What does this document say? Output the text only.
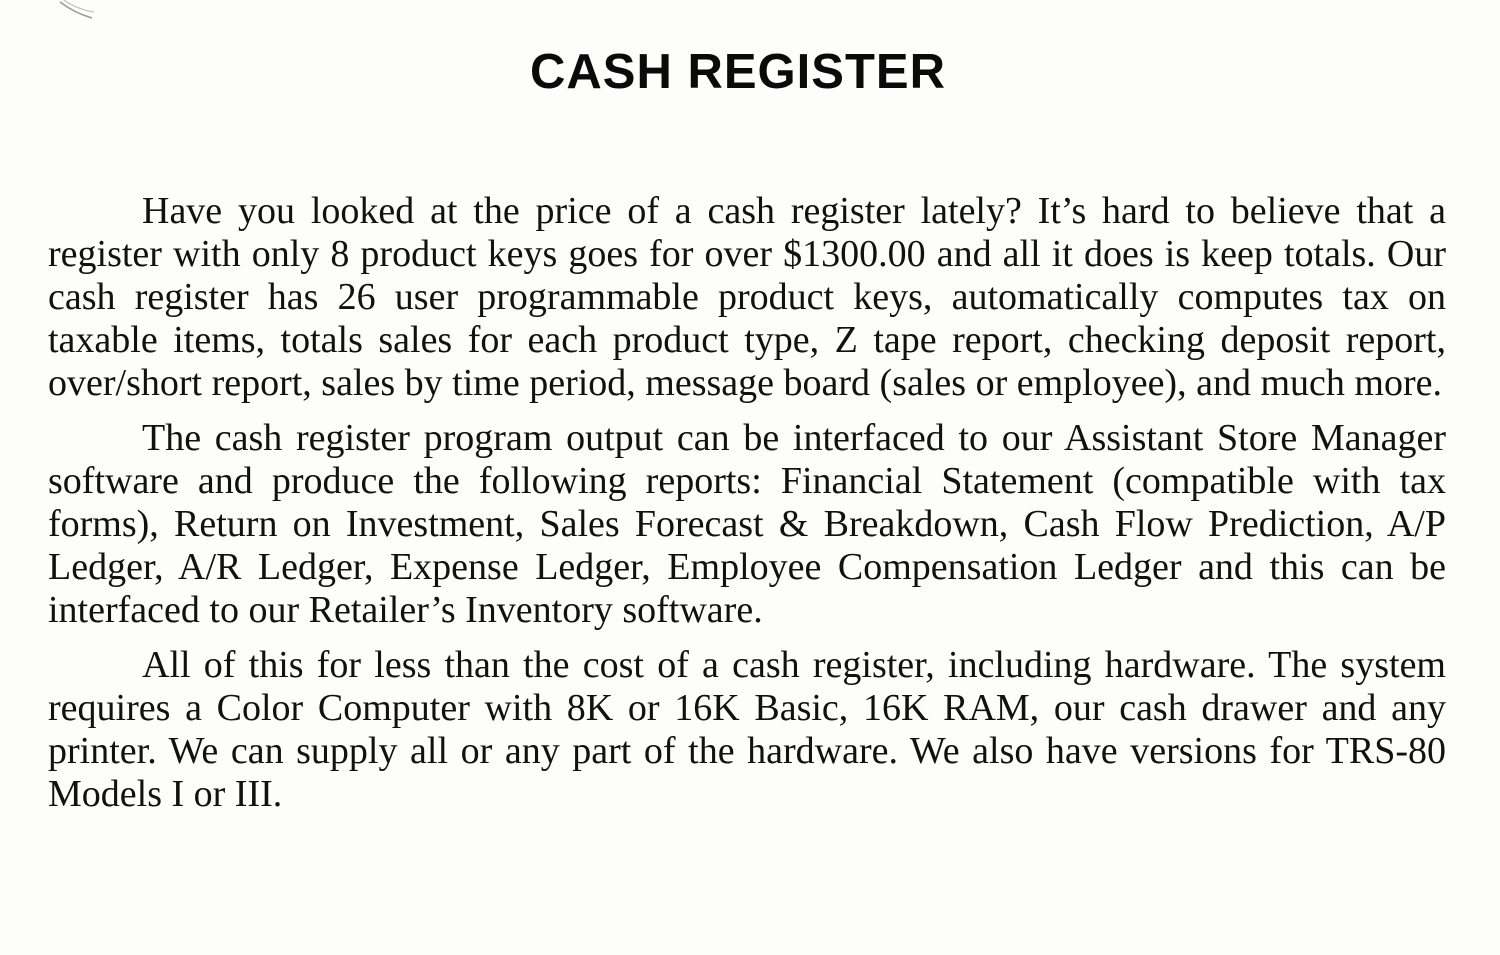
CASH REGISTER

Have you looked at the price of a cash register lately? It’s hard to believe that a register with only 8 product keys goes for over $1300.00 and all it does is keep totals. Our cash register has 26 user programmable product keys, automatically computes tax on taxable items, totals sales for each product type, Z tape report, checking deposit report, over/short report, sales by time period, message board (sales or employee), and much more.

The cash register program output can be interfaced to our Assistant Store Manager software and produce the following reports: Financial Statement (compatible with tax forms), Return on Investment, Sales Forecast & Breakdown, Cash Flow Prediction, A/P Ledger, A/R Ledger, Expense Ledger, Employee Compensation Ledger and this can be interfaced to our Retailer’s Inventory software.

All of this for less than the cost of a cash register, including hardware. The system requires a Color Computer with 8K or 16K Basic, 16K RAM, our cash drawer and any printer. We can supply all or any part of the hardware. We also have versions for TRS-80 Models I or III.
